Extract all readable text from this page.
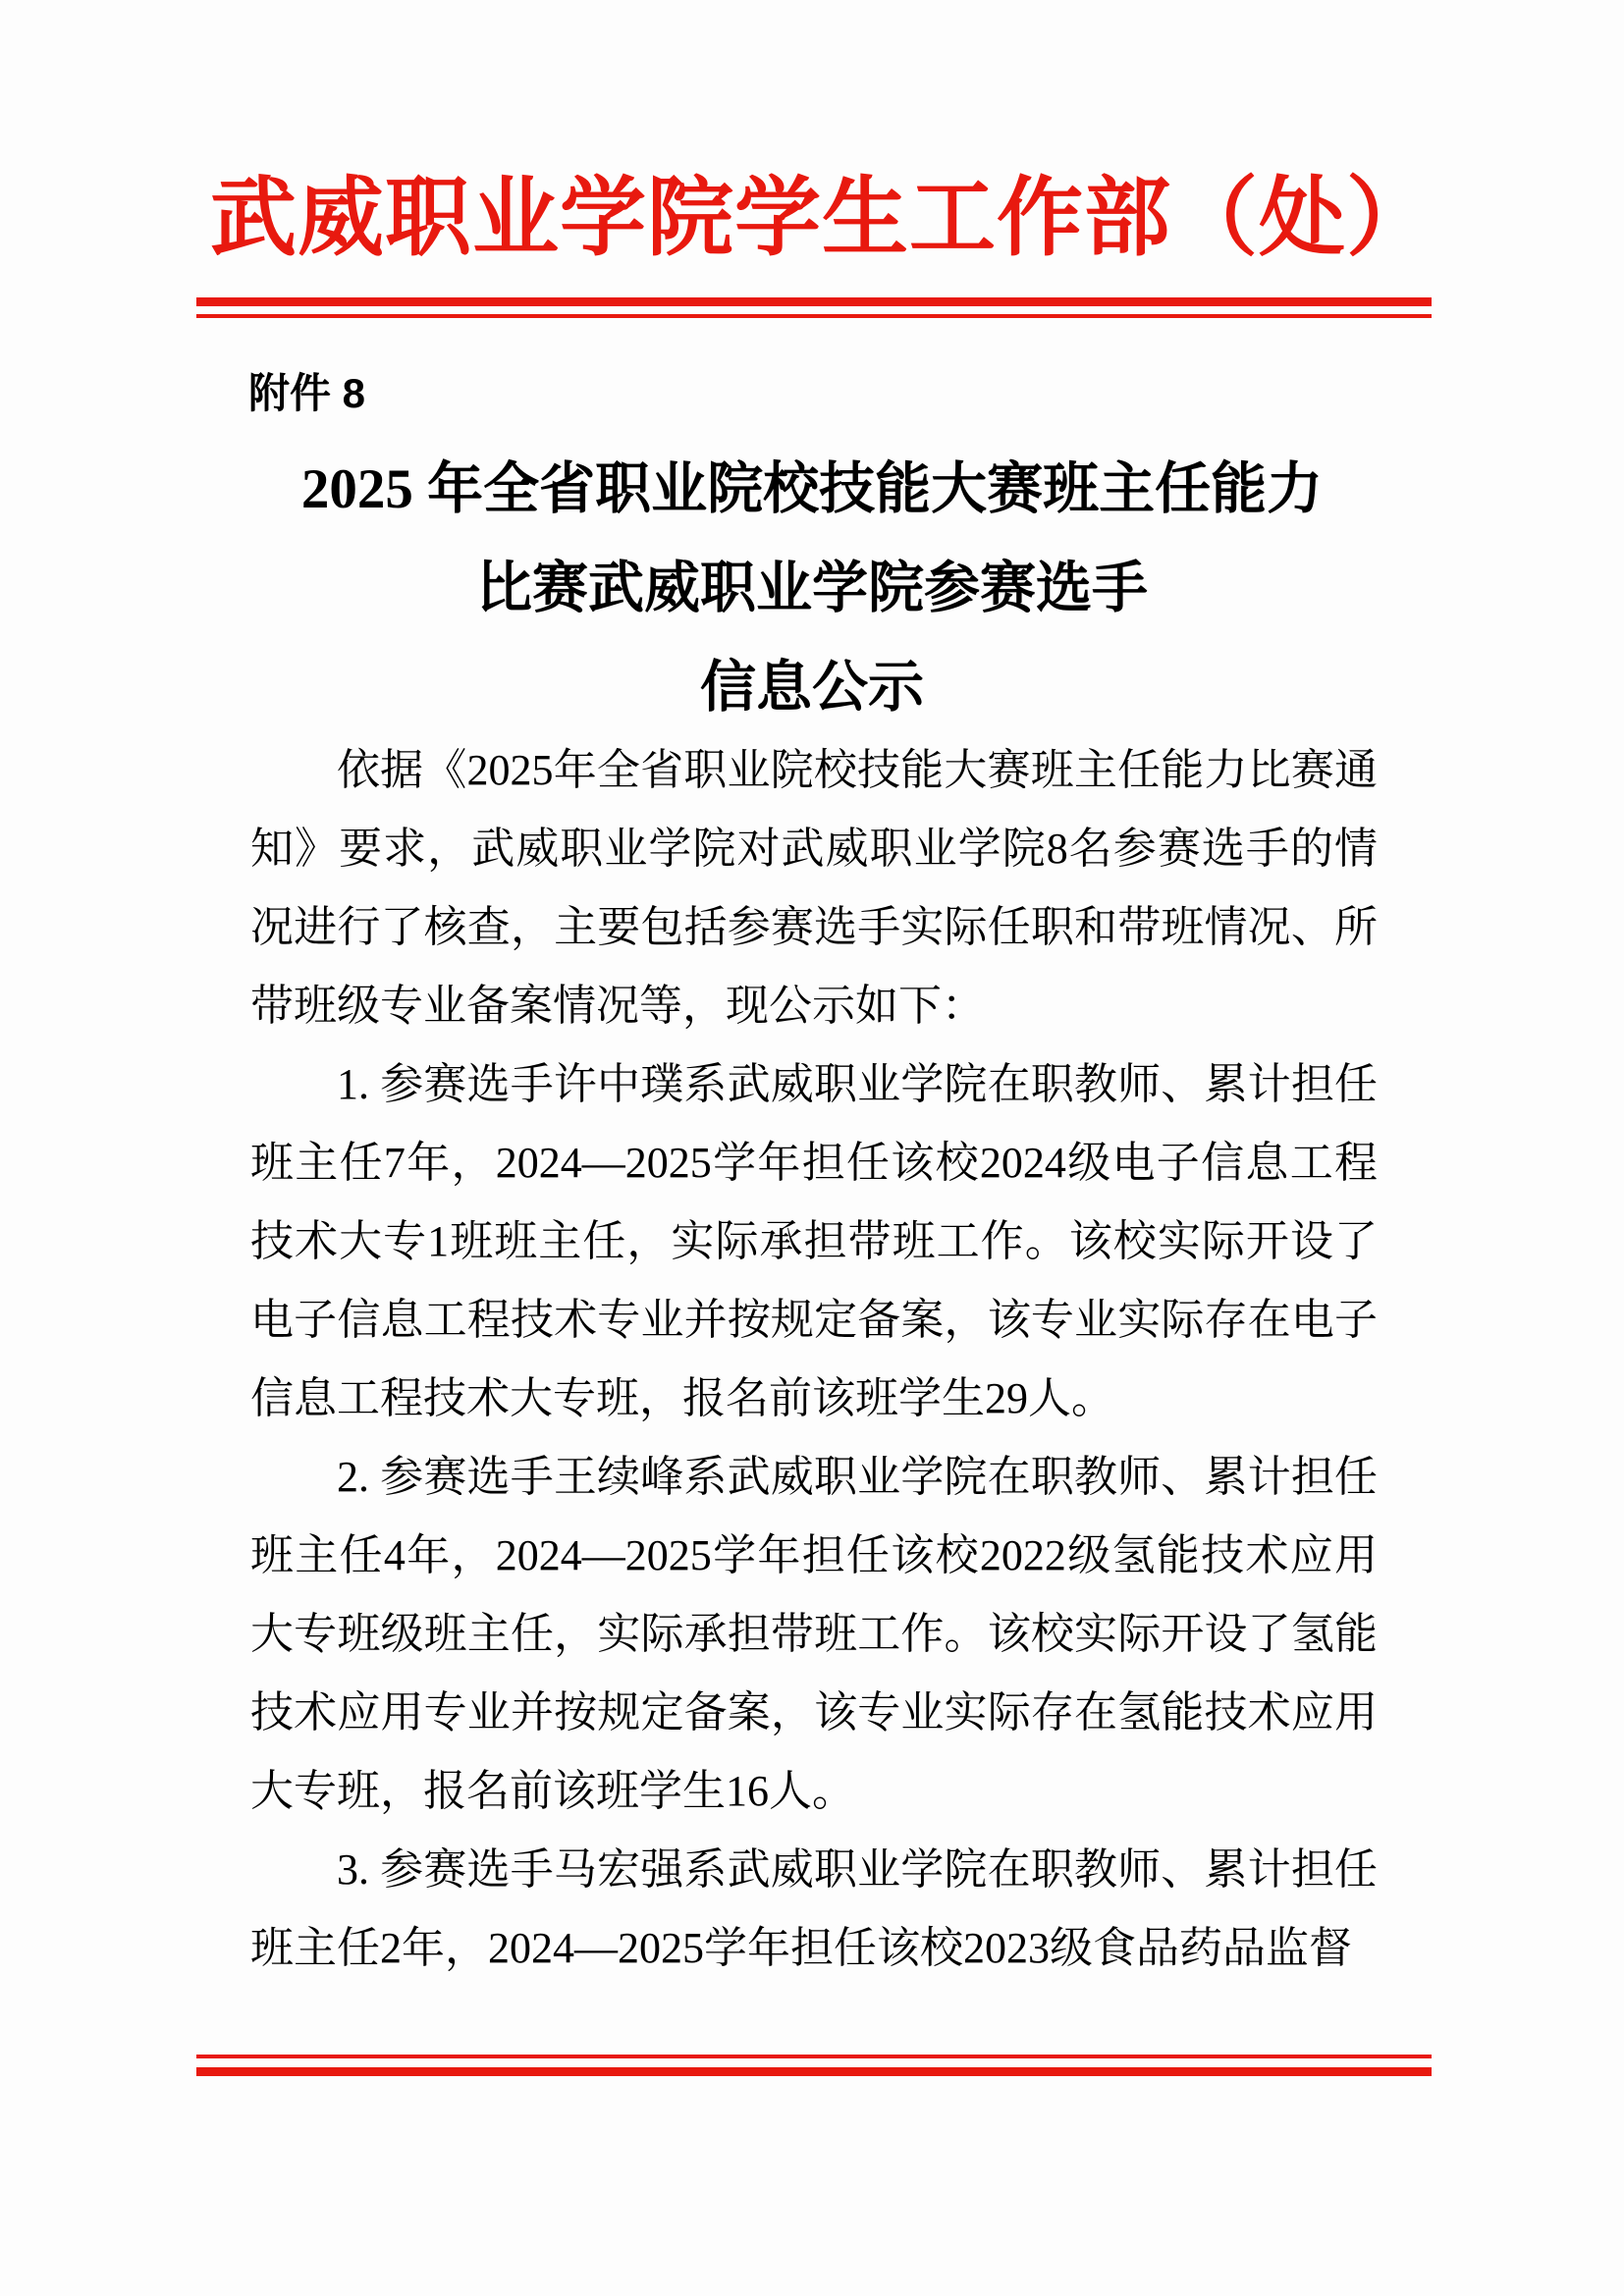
武威职业学院学生工作部（处）
附件 8
2025 年全省职业院校技能大赛班主任能力
比赛武威职业学院参赛选手
信息公示

依据《2025年全省职业院校技能大赛班主任能力比赛通知》要求，武威职业学院对武威职业学院8名参赛选手的情况进行了核查，主要包括参赛选手实际任职和带班情况、所带班级专业备案情况等，现公示如下：

1. 参赛选手许中璞系武威职业学院在职教师、累计担任班主任7年，2024—2025学年担任该校2024级电子信息工程技术大专1班班主任，实际承担带班工作。该校实际开设了电子信息工程技术专业并按规定备案，该专业实际存在电子信息工程技术大专班，报名前该班学生29人。

2. 参赛选手王续峰系武威职业学院在职教师、累计担任班主任4年，2024—2025学年担任该校2022级氢能技术应用大专班级班主任，实际承担带班工作。该校实际开设了氢能技术应用专业并按规定备案，该专业实际存在氢能技术应用大专班，报名前该班学生16人。

3. 参赛选手马宏强系武威职业学院在职教师、累计担任班主任2年，2024—2025学年担任该校2023级食品药品监督
